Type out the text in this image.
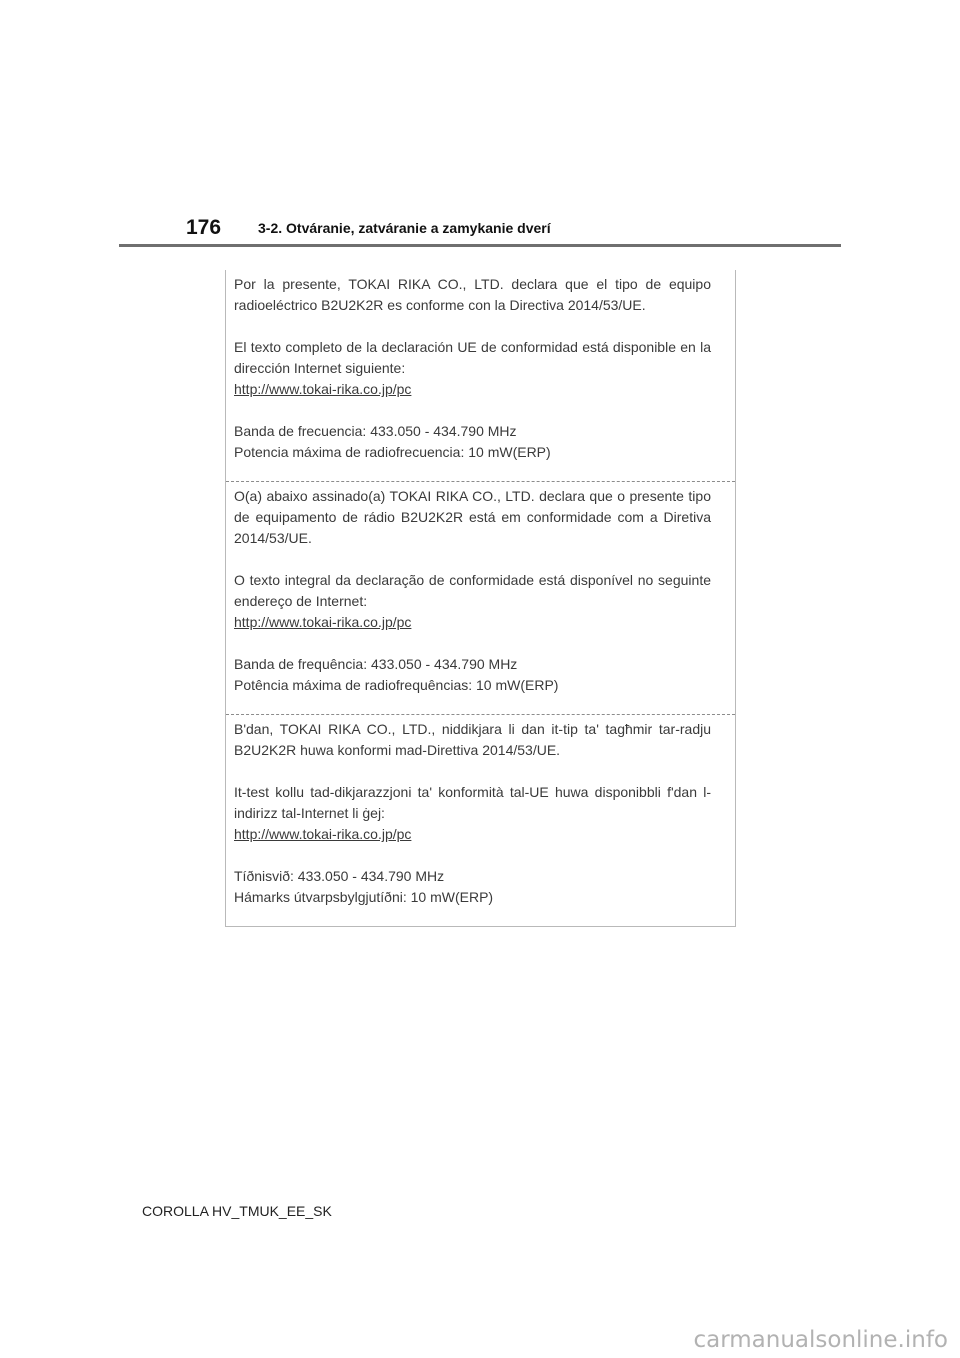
176	3-2. Otváranie, zatváranie a zamykanie dverí

Por la presente, TOKAI RIKA CO., LTD. declara que el tipo de equipo radioeléctrico B2U2K2R es conforme con la Directiva 2014/53/UE.

El texto completo de la declaración UE de conformidad está disponible en la dirección Internet siguiente:
http://www.tokai-rika.co.jp/pc

Banda de frecuencia: 433.050 - 434.790 MHz
Potencia máxima de radiofrecuencia: 10 mW(ERP)

O(a) abaixo assinado(a) TOKAI RIKA CO., LTD. declara que o presente tipo de equipamento de rádio B2U2K2R está em conformidade com a Diretiva 2014/53/UE.

O texto integral da declaração de conformidade está disponível no seguinte endereço de Internet:
http://www.tokai-rika.co.jp/pc

Banda de frequência: 433.050 - 434.790 MHz
Potência máxima de radiofrequências: 10 mW(ERP)

B'dan, TOKAI RIKA CO., LTD., niddikjara li dan it-tip ta' tagħmir tar-radju B2U2K2R huwa konformi mad-Direttiva 2014/53/UE.

It-test kollu tad-dikjarazzjoni ta' konformità tal-UE huwa disponibbli f'dan l-indirizz tal-Internet li ġej:
http://www.tokai-rika.co.jp/pc

Tíðnisvið: 433.050 - 434.790 MHz
Hámarks útvarpsbylgjutíðni: 10 mW(ERP)

COROLLA HV_TMUK_EE_SK
carmanualsonline.info
